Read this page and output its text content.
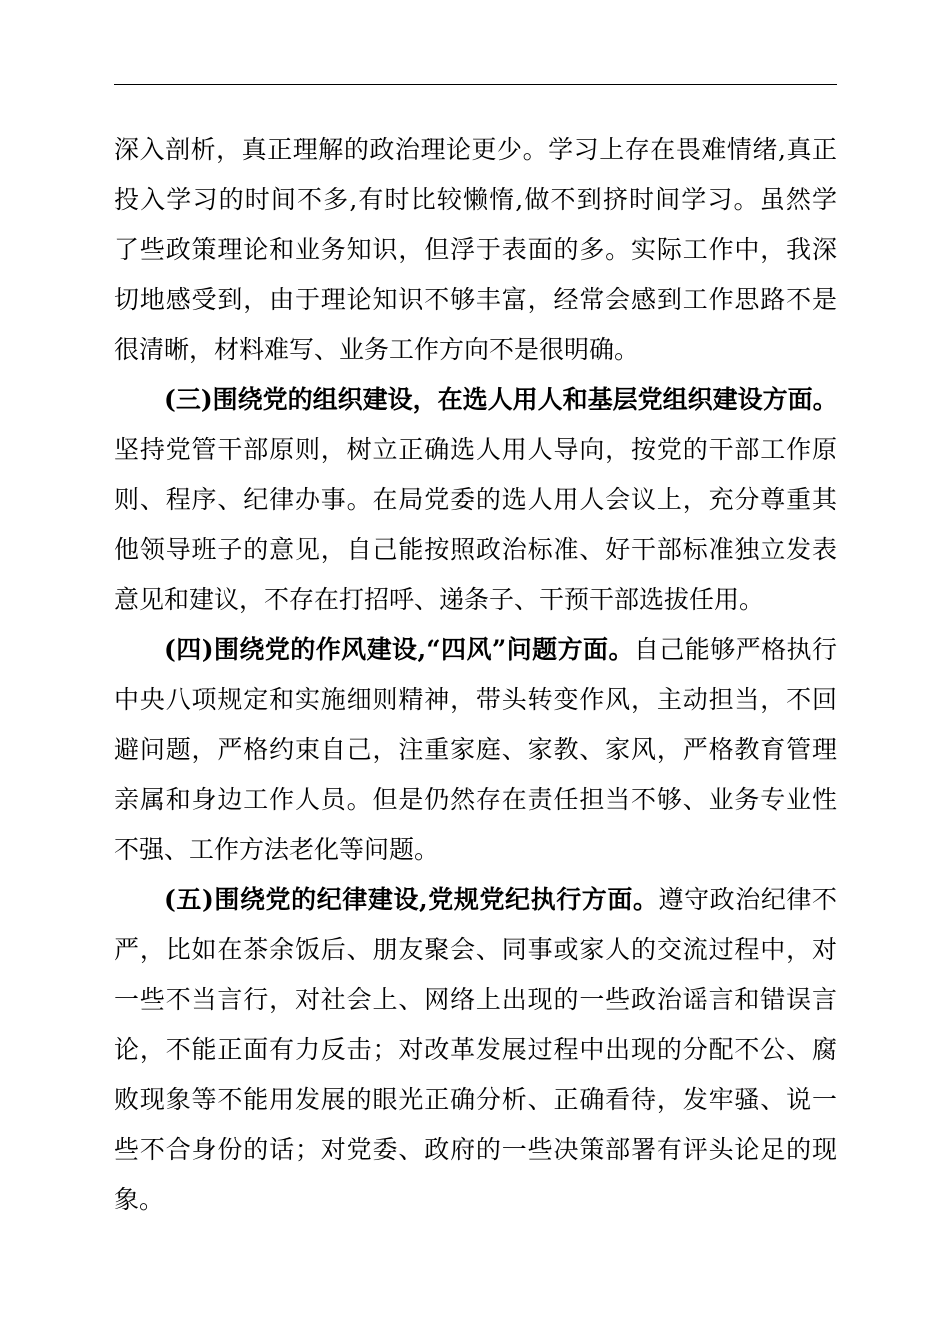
深入剖析，真正理解的政治理论更少。学习上存在畏难情绪,真正
投入学习的时间不多,有时比较懒惰,做不到挤时间学习。虽然学
了些政策理论和业务知识，但浮于表面的多。实际工作中，我深
切地感受到，由于理论知识不够丰富，经常会感到工作思路不是
很清晰，材料难写、业务工作方向不是很明确。
(三)围绕党的组织建设，在选人用人和基层党组织建设方面。
坚持党管干部原则，树立正确选人用人导向，按党的干部工作原
则、程序、纪律办事。在局党委的选人用人会议上，充分尊重其
他领导班子的意见，自己能按照政治标准、好干部标准独立发表
意见和建议，不存在打招呼、递条子、干预干部选拔任用。
(四)围绕党的作风建设,“四风”问题方面。自己能够严格执行
中央八项规定和实施细则精神，带头转变作风，主动担当，不回
避问题，严格约束自己，注重家庭、家教、家风，严格教育管理
亲属和身边工作人员。但是仍然存在责任担当不够、业务专业性
不强、工作方法老化等问题。
(五)围绕党的纪律建设,党规党纪执行方面。遵守政治纪律不
严，比如在茶余饭后、朋友聚会、同事或家人的交流过程中，对
一些不当言行，对社会上、网络上出现的一些政治谣言和错误言
论，不能正面有力反击；对改革发展过程中出现的分配不公、腐
败现象等不能用发展的眼光正确分析、正确看待，发牢骚、说一
些不合身份的话；对党委、政府的一些决策部署有评头论足的现
象。
